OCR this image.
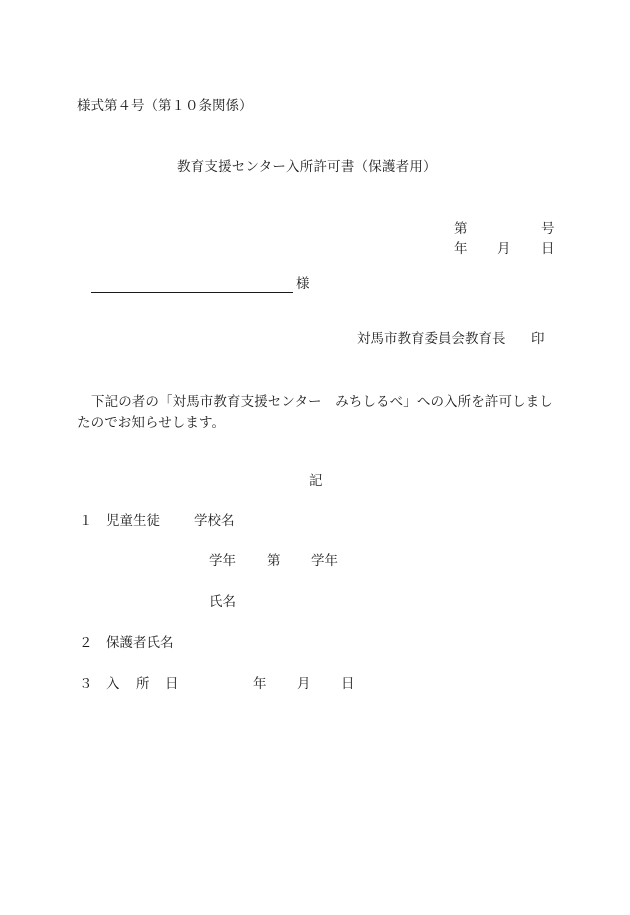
様式第４号（第１０条関係）
教育支援センター入所許可書（保護者用）
第	号
年 月 日
様
対馬市教育委員会教育長 印
下記の者の「対馬市教育支援センター　みちしるべ」への入所を許可しましたのでお知らせします。
記
１ 児童生徒	学校名
学年 第 学年
氏名
２ 保護者氏名
３ 入 所 日	年 月 日
